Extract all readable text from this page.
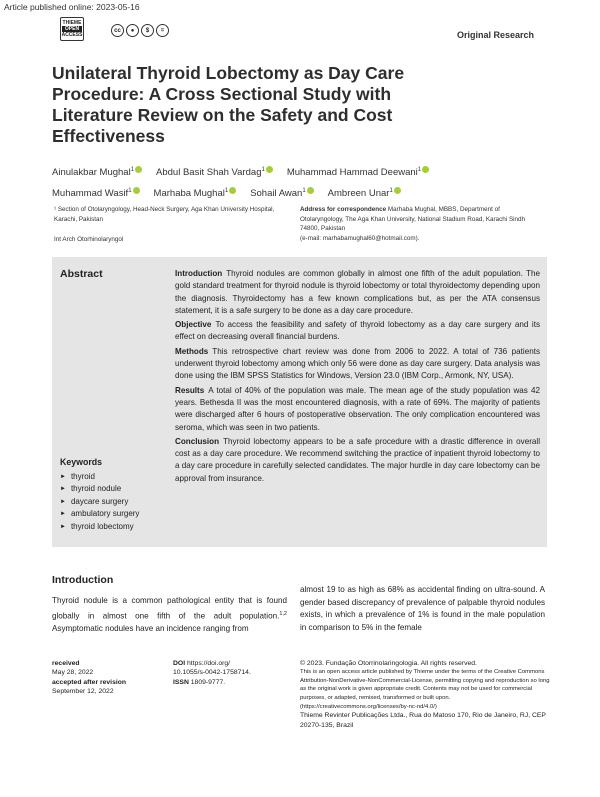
Article published online: 2023-05-16
THIEME
OPEN
ACCESS
cc	●	$	=	Original Research
Unilateral Thyroid Lobectomy as Day Care Procedure: A Cross Sectional Study with Literature Review on the Safety and Cost Effectiveness
Ainulakbar Mughal$^1$ Abdul Basit Shah Vardag$^1$ Muhammad Hammad Deewani$^1$
Muhammad Wasif$^1$ Marhaba Mughal$^1$ Sohail Awan$^1$ Ambreen Unar$^1$
¹ Section of Otolaryngology, Head-Neck Surgery, Aga Khan University Hospital, Karachi, Pakistan
Int Arch Otorhinolaryngol
Address for correspondence Marhaba Mughal, MBBS, Department of Otolaryngology, The Aga Khan University, National Stadium Road, Karachi Sindh 74800, Pakistan
(e-mail: marhabamughal60@hotmail.com).
Abstract	Introduction Thyroid nodules are common globally in almost one fifth of the adult population. The gold standard treatment for thyroid nodule is thyroid lobectomy or total thyroidectomy depending upon the diagnosis. Thyroidectomy has a few known complications but, as per the ATA consensus statement, it is a safe surgery to be done as a day care procedure.

Objective To access the feasibility and safety of thyroid lobectomy as a day care surgery and its effect on decreasing overall financial burdens.

Methods This retrospective chart review was done from 2006 to 2022. A total of 736 patients underwent thyroid lobectomy among which only 56 were done as day care surgery. Data analysis was done using the IBM SPSS Statistics for Windows, Version 23.0 (IBM Corp., Armonk, NY, USA).

Results A total of 40% of the population was male. The mean age of the study population was 42 years. Bethesda II was the most encountered diagnosis, with a rate of 69%. The majority of patients were discharged after 6 hours of postoperative observation. The only complication encountered was seroma, which was seen in two patients.

Conclusion Thyroid lobectomy appears to be a safe procedure with a drastic difference in overall cost as a day care procedure. We recommend switching the practice of inpatient thyroid lobectomy to a day care procedure in carefully selected candidates. The major hurdle in day care lobectomy can be approval from insurance.

Keywords
► thyroid
► thyroid nodule
► daycare surgery
► ambulatory surgery
► thyroid lobectomy
Introduction
Thyroid nodule is a common pathological entity that is found globally in almost one fifth of the adult population.$^{1,2}$ Asymptomatic nodules have an incidence ranging from
almost 19 to as high as 68% as accidental finding on ultra-sound. A gender based discrepancy of prevalence of palpable thyroid nodules exists, in which a prevalence of 1% is found in the male population in comparison to 5% in the female
received
May 28, 2022
accepted after revision
September 12, 2022
DOI https://doi.org/
10.1055/s-0042-1758714.
ISSN 1809-9777.
© 2023. Fundação Otorrinolaringologia. All rights reserved.
This is an open access article published by Thieme under the terms of the Creative Commons Attribution-NonDerivative-NonCommercial-License, permitting copying and reproduction so long as the original work is given appropriate credit. Contents may not be used for commercial purposes, or adapted, remixed, transformed or built upon. (https://creativecommons.org/licenses/by-nc-nd/4.0/)
Thieme Revinter Publicações Ltda., Rua do Matoso 170, Rio de Janeiro, RJ, CEP 20270-135, Brazil
